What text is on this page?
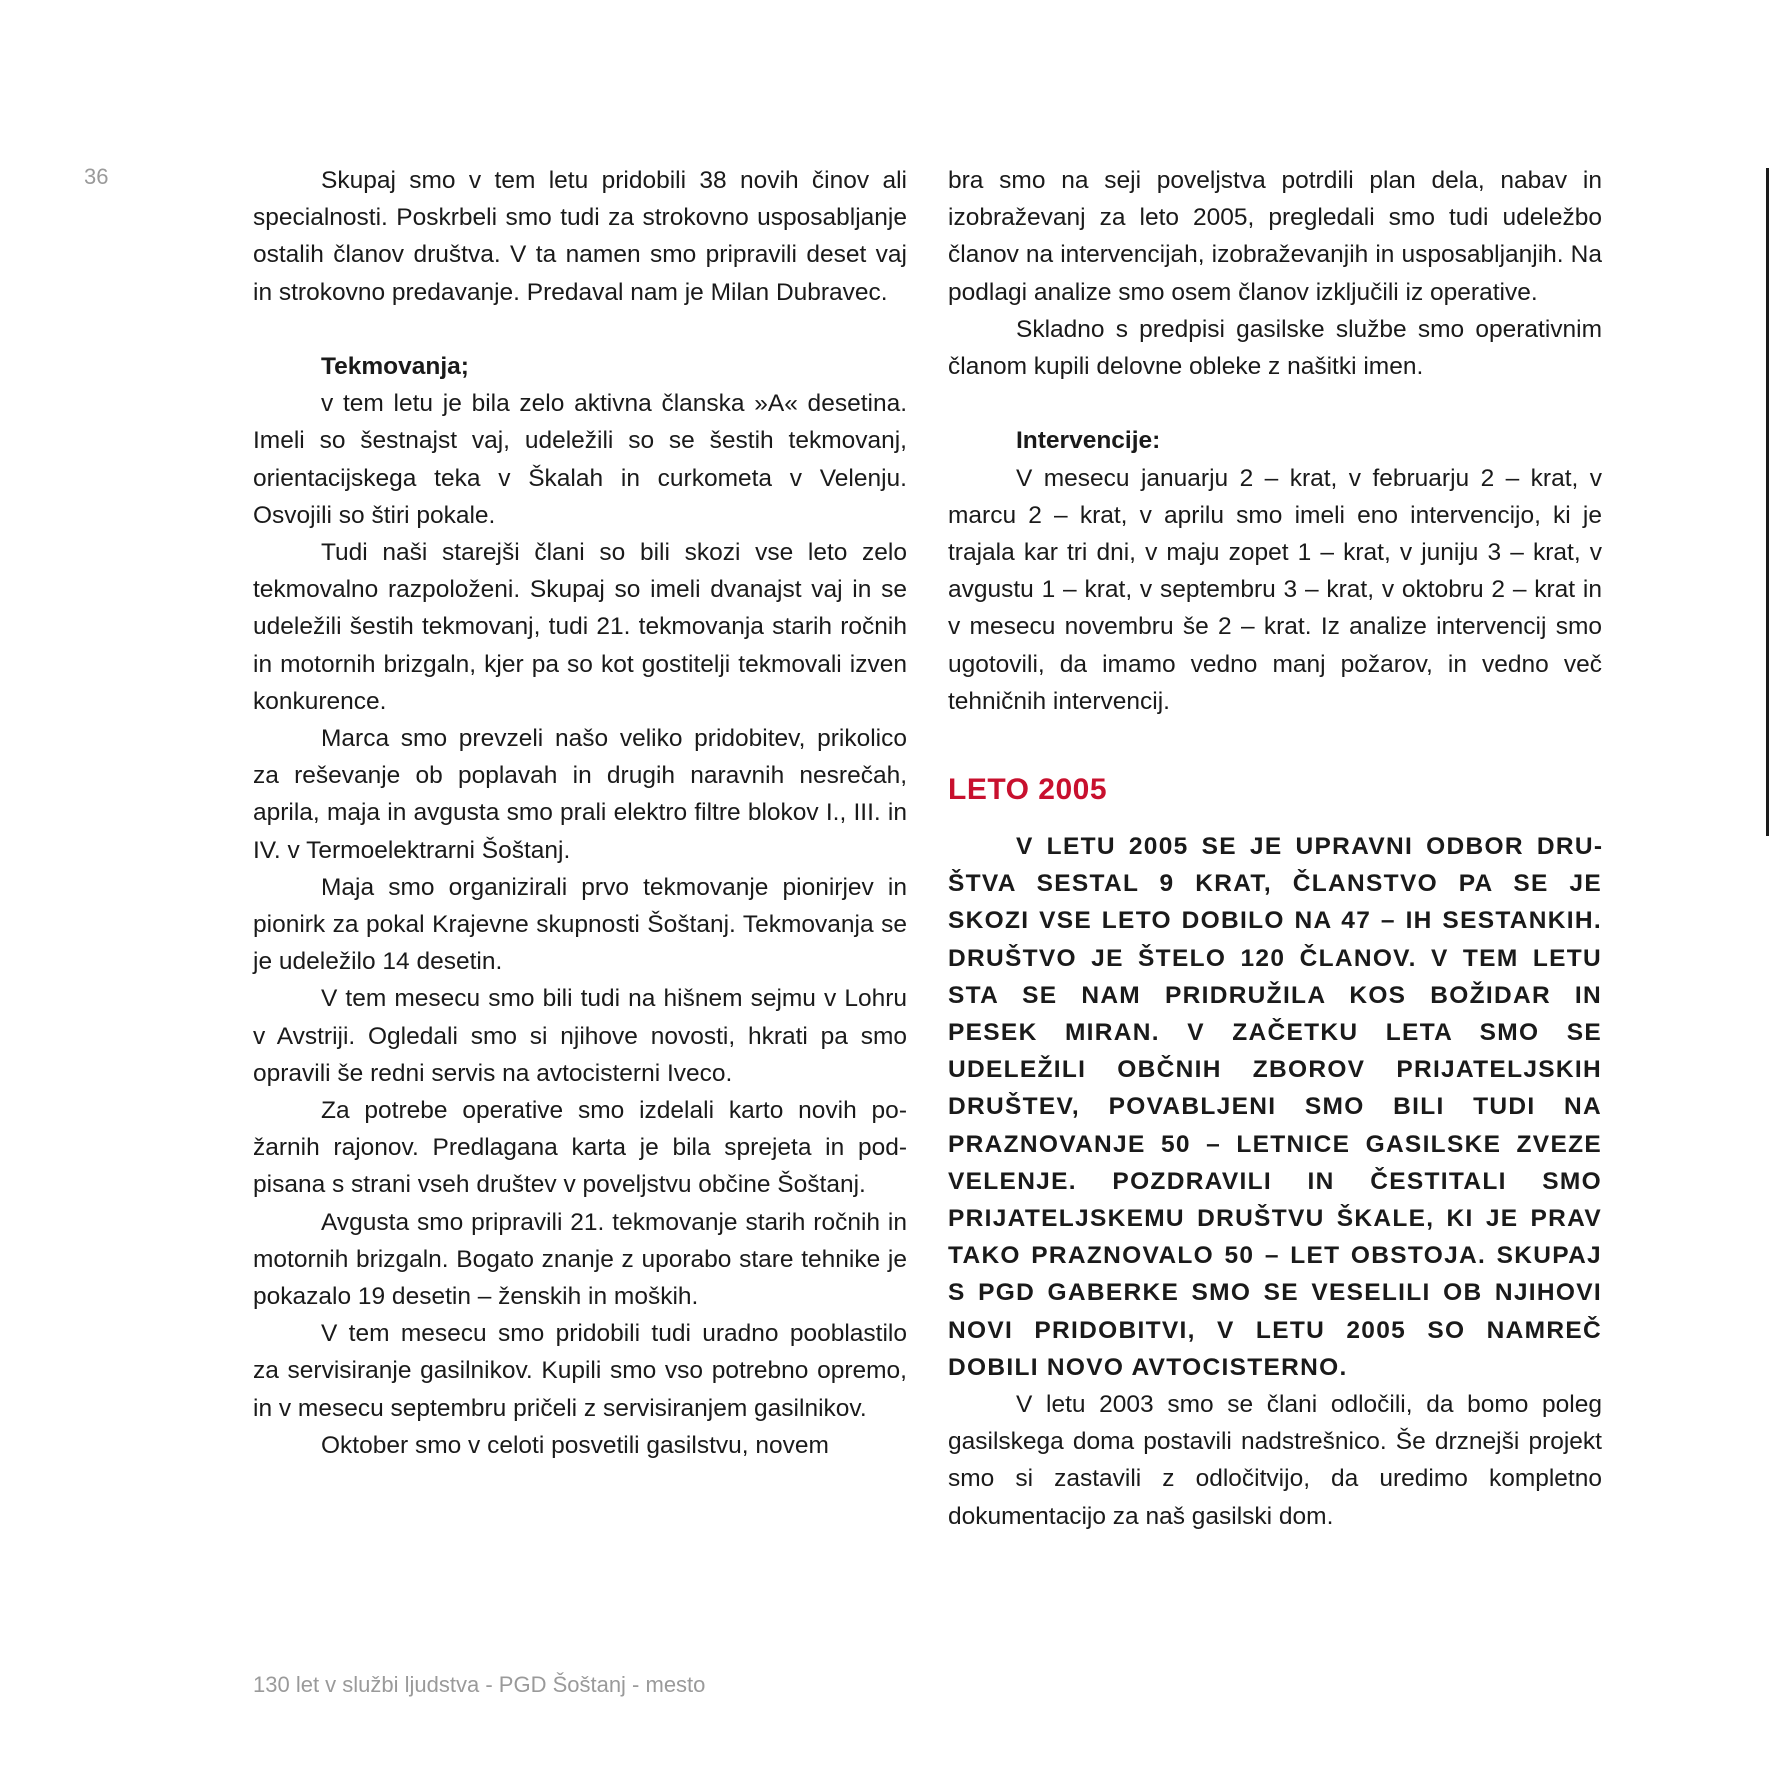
36	Skupaj smo v tem letu pridobili 38 novih činov ali specialnosti. Poskrbeli smo tudi za strokovno usposabljanje ostalih članov društva. V ta namen smo pripravili deset vaj in strokovno predavanje. Predaval nam je Milan Dubravec.

Tekmovanja;

v tem letu je bila zelo aktivna članska »A« desetina. Imeli so šestnajst vaj, udeležili so se šestih tekmovanj, orientacijskega teka v Škalah in curkometa v Velenju. Osvojili so štiri pokale.

Tudi naši starejši člani so bili skozi vse leto zelo tekmovalno razpoloženi. Skupaj so imeli dvanajst vaj in se udeležili šestih tekmovanj, tudi 21. tekmovanja starih ročnih in motornih brizgaln, kjer pa so kot gostitelji tekmovali izven konkurence.

Marca smo prevzeli našo veliko pridobitev, prikolico za reševanje ob poplavah in drugih naravnih nesrečah, aprila, maja in avgusta smo prali elektro filtre blokov I., III. in IV. v Termoelektrarni Šoštanj.

Maja smo organizirali prvo tekmovanje pionirjev in pionirk za pokal Krajevne skupnosti Šoštanj. Tekmovanja se je udeležilo 14 desetin.

V tem mesecu smo bili tudi na hišnem sejmu v Lohru v Avstriji. Ogledali smo si njihove novosti, hkrati pa smo opravili še redni servis na avtocisterni Iveco.

Za potrebe operative smo izdelali karto novih požarnih rajonov. Predlagana karta je bila sprejeta in podpisana s strani vseh društev v poveljstvu občine Šoštanj.

Avgusta smo pripravili 21. tekmovanje starih ročnih in motornih brizgaln. Bogato znanje z uporabo stare tehnike je pokazalo 19 desetin – ženskih in moških.

V tem mesecu smo pridobili tudi uradno pooblastilo za servisiranje gasilnikov. Kupili smo vso potrebno opremo, in v mesecu septembru pričeli z servisiranjem gasilnikov.

Oktober smo v celoti posvetili gasilstvu, novem

bra smo na seji poveljstva potrdili plan dela, nabav in izobraževanj za leto 2005, pregledali smo tudi udeležbo članov na intervencijah, izobraževanjih in usposabljanjih. Na podlagi analize smo osem članov izključili iz operative.

Skladno s predpisi gasilske službe smo operativnim članom kupili delovne obleke z našitki imen.

Intervencije:

V mesecu januarju 2 – krat, v februarju 2 – krat, v marcu 2 – krat, v aprilu smo imeli eno intervencijo, ki je trajala kar tri dni, v maju zopet 1 – krat, v juniju 3 – krat, v avgustu 1 – krat, v septembru 3 – krat, v oktobru 2 – krat in v mesecu novembru še 2 – krat. Iz analize intervencij smo ugotovili, da imamo vedno manj požarov, in vedno več tehničnih intervencij.

LETO 2005

V LETU 2005 SE JE UPRAVNI ODBOR DRUŠTVA SESTAL 9 KRAT, ČLANSTVO PA SE JE SKOZI VSE LETO DOBILO NA 47 – IH SESTANKIH. DRUŠTVO JE ŠTELO 120 ČLANOV. V TEM LETU STA SE NAM PRIDRUŽILA KOS BOŽIDAR IN PESEK MIRAN. V ZAČETKU LETA SMO SE UDELEŽILI OBČNIH ZBOROV PRIJATELJSKIH DRUŠTEV, POVABLJENI SMO BILI TUDI NA PRAZNOVANJE 50 – LETNICE GASILSKE ZVEZE VELENJE. POZDRAVILI IN ČESTITALI SMO PRIJATELJSKEMU DRUŠTVU ŠKALE, KI JE PRAV TAKO PRAZNOVALO 50 – LET OBSTOJA. SKUPAJ S PGD GABERKE SMO SE VESELILI OB NJIHOVI NOVI PRIDOBITVI, V LETU 2005 SO NAMREČ DOBILI NOVO AVTOCISTERNO.

V letu 2003 smo se člani odločili, da bomo poleg gasilskega doma postavili nadstrešnico. Še drznejši projekt smo si zastavili z odločitvijo, da uredimo kompletno dokumentacijo za naš gasilski dom.

130 let v službi ljudstva - PGD Šoštanj - mesto
